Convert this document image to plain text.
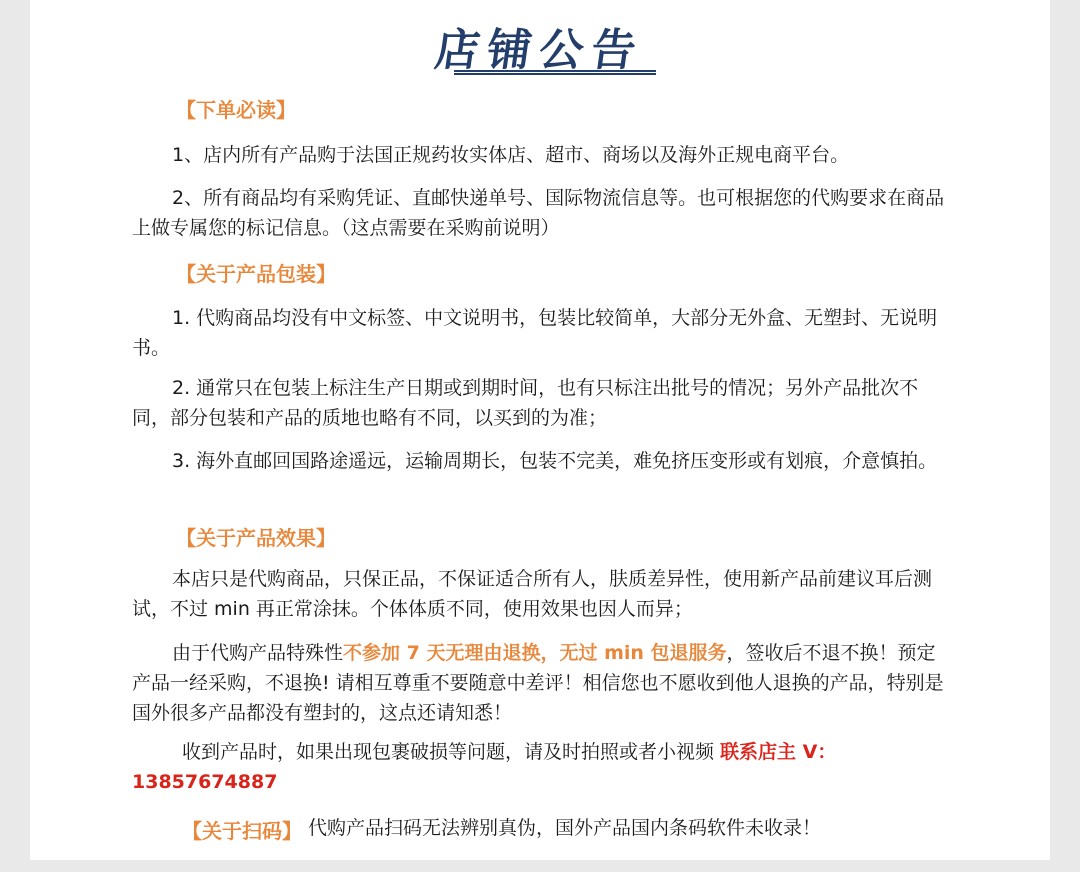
店铺公告
【下单必读】
1、店内所有产品购于法国正规药妆实体店、超市、商场以及海外正规电商平台。
2、所有商品均有采购凭证、直邮快递单号、国际物流信息等。也可根据您的代购要求在商品上做专属您的标记信息。（这点需要在采购前说明）
【关于产品包装】
1. 代购商品均没有中文标签、中文说明书，包装比较简单，大部分无外盒、无塑封、无说明书。
2. 通常只在包装上标注生产日期或到期时间，也有只标注出批号的情况；另外产品批次不同，部分包装和产品的质地也略有不同，以买到的为准；
3. 海外直邮回国路途遥远，运输周期长，包装不完美，难免挤压变形或有划痕，介意慎拍。
【关于产品效果】
本店只是代购商品，只保正品，不保证适合所有人，肤质差异性，使用新产品前建议耳后测试，不过 min 再正常涂抹。个体体质不同，使用效果也因人而异；
由于代购产品特殊性不参加 7 天无理由退换，无过 min 包退服务，签收后不退不换！预定产品一经采购，不退换! 请相互尊重不要随意中差评！相信您也不愿收到他人退换的产品，特别是国外很多产品都没有塑封的，这点还请知悉！
收到产品时，如果出现包裹破损等问题，请及时拍照或者小视频 联系店主 V：13857674887
【关于扫码】 代购产品扫码无法辨别真伪，国外产品国内条码软件未收录！
